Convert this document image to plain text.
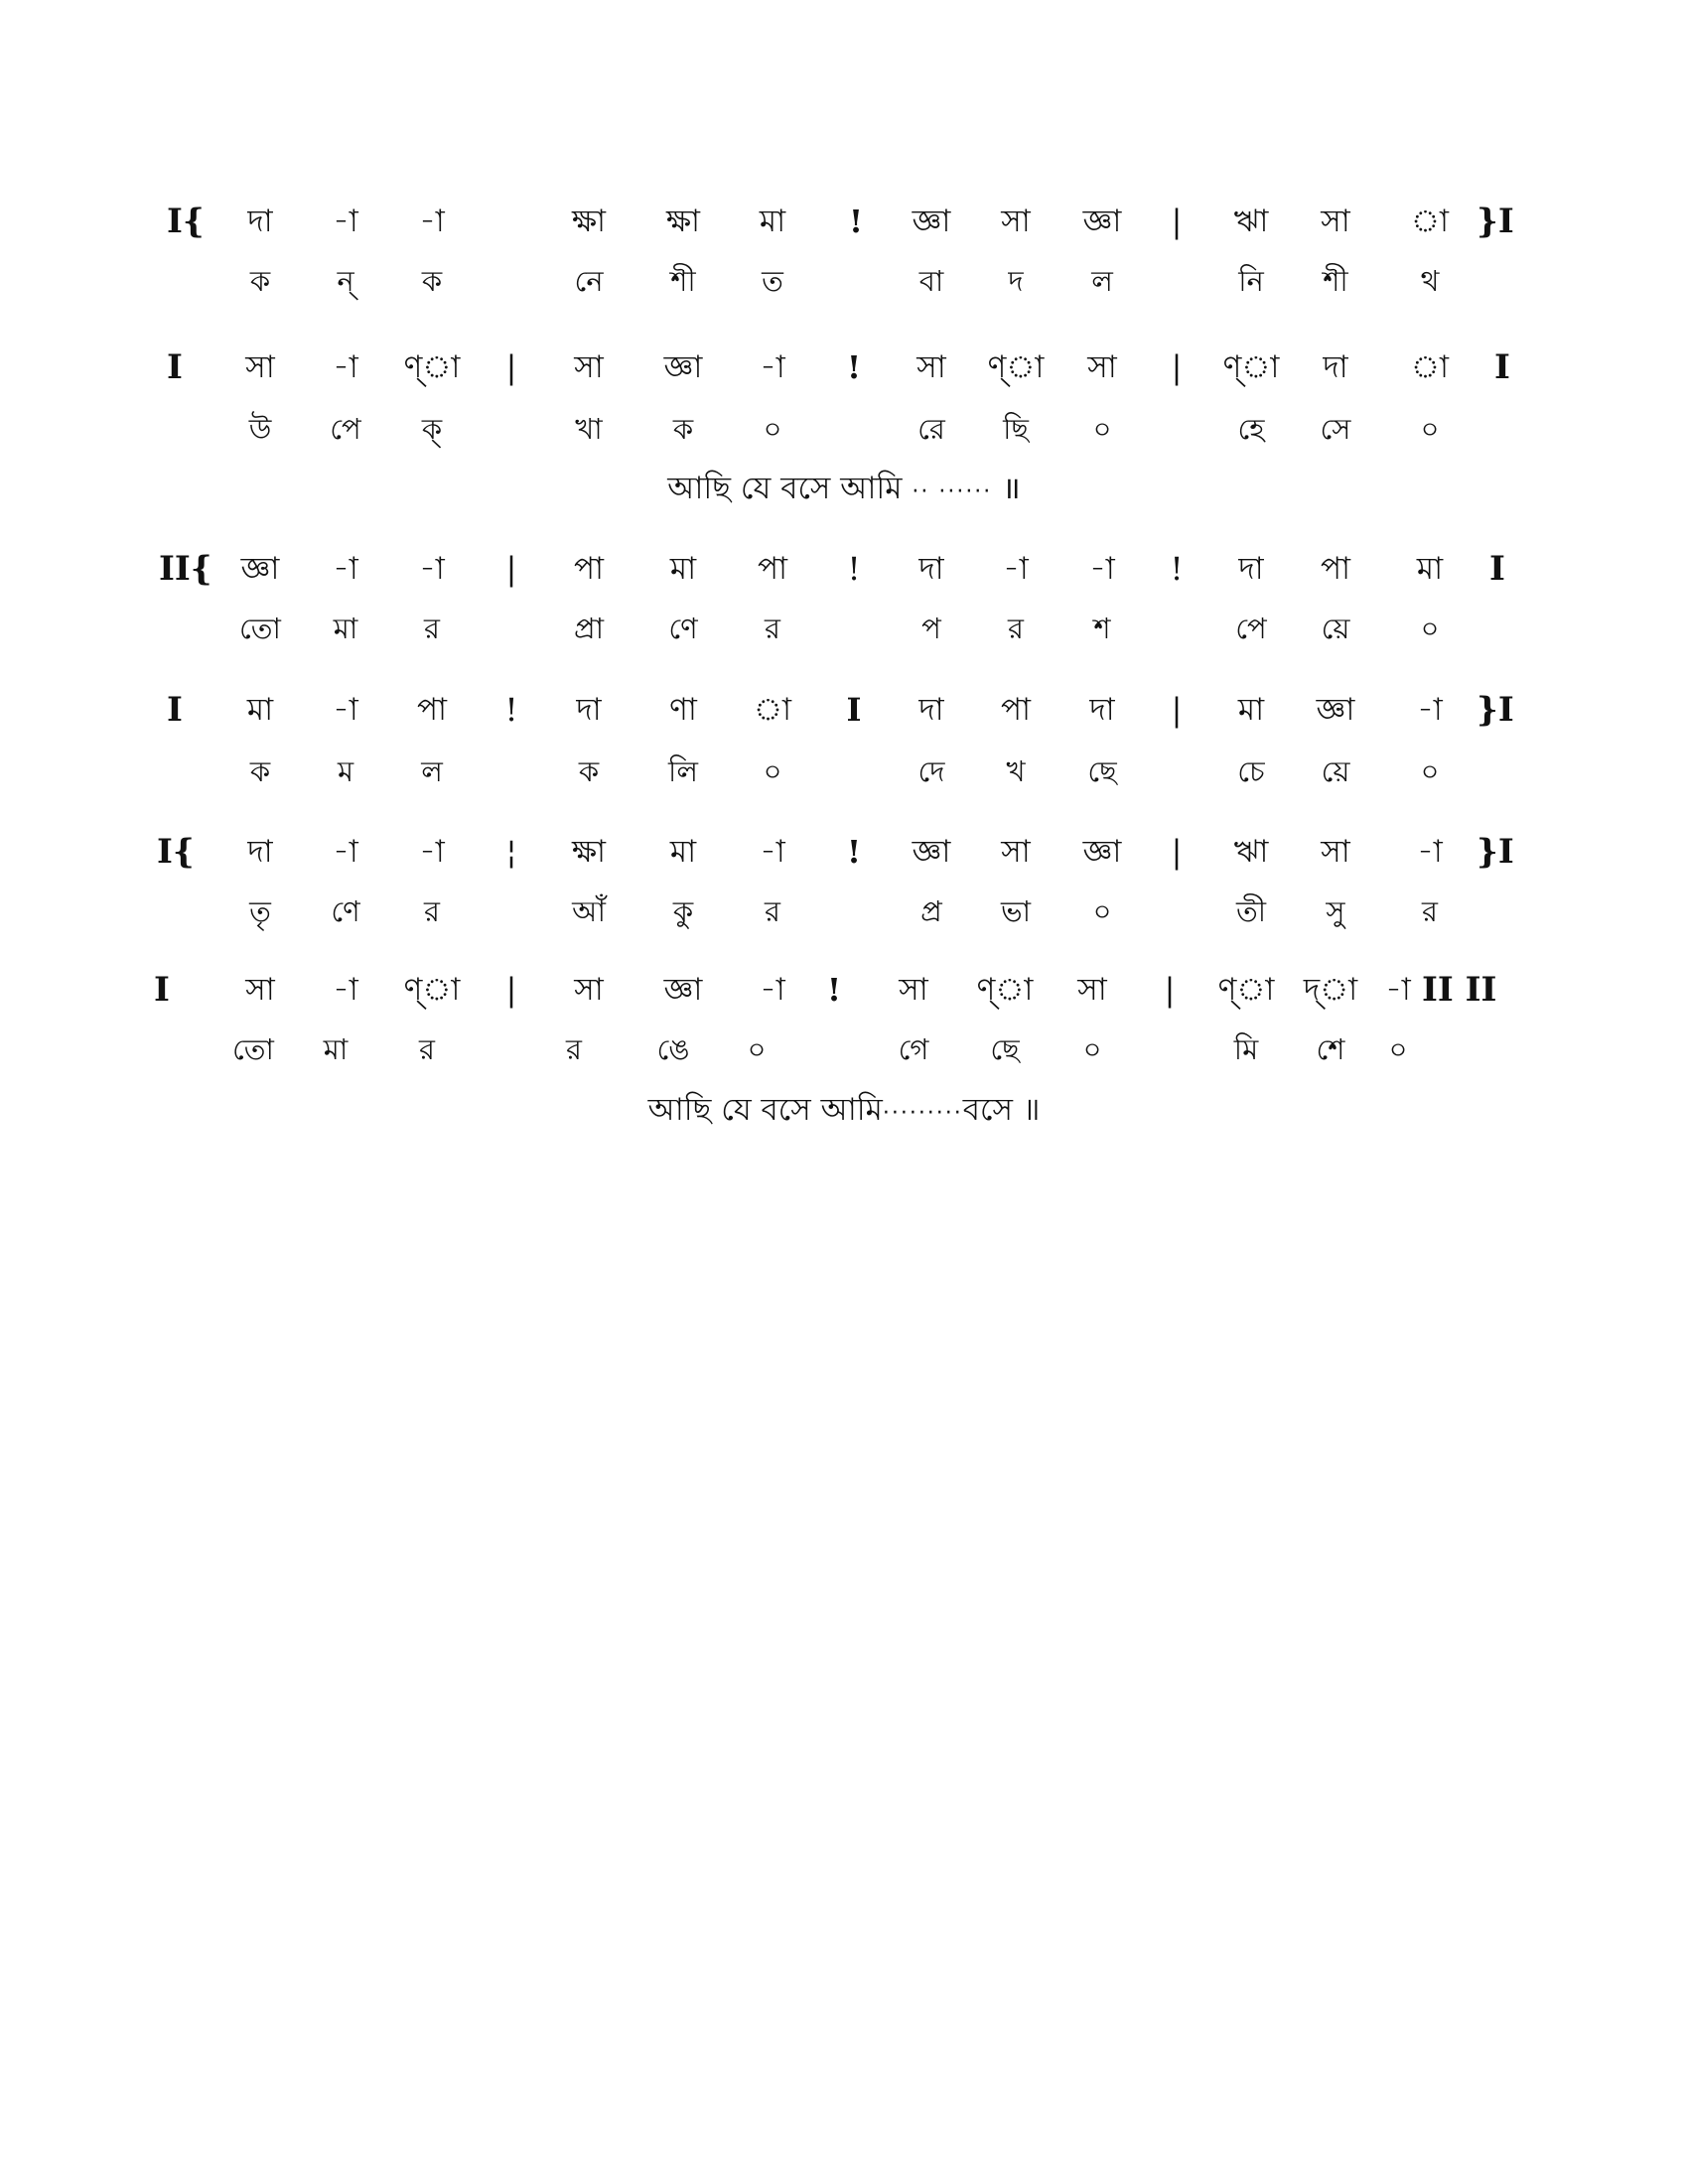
I{ দা -া -া	ক্ষা ক্ষা মা ! জ্ঞা সা জ্ঞা | ঋা সা া }I
ক ন্ ক	নে শী ত	বা দ ল	নি শী	থ
I সা -া ণ্া | সা জ্ঞা -া ! সা ণ্া সা | ণ্া দা া I
উ পে ক্	খা ক ০	রে ছি ০	হে সে ০
আছি যে বসে আমি ·· ······ ॥
II{ জ্ঞা -া -া | পা মা পা ! দা -া -া ! দা পা মা I
তো মা র	প্রা ণে র	প র শ	পে য়ে ০
I মা -া পা ! দা ণা া I দা পা দা | মা জ্ঞা -া }I
ক ম ল	ক লি ০	দে খ ছে	চে য়ে ০
I{ দা -া -া ¦ ক্ষা মা -া ! জ্ঞা সা জ্ঞা | ঋা সা -া }I
তৃ ণে র	আঁ কু র	প্র ভা ০	তী সু	র
I সা -া ণ্া | সা জ্ঞা -া ! সা ণ্া সা | ণ্া দ্া -া II II
তো মা র	র	ঙে ০	গে ছে ০	মি শে ০
আছি যে বসে আমি·········বসে ॥
